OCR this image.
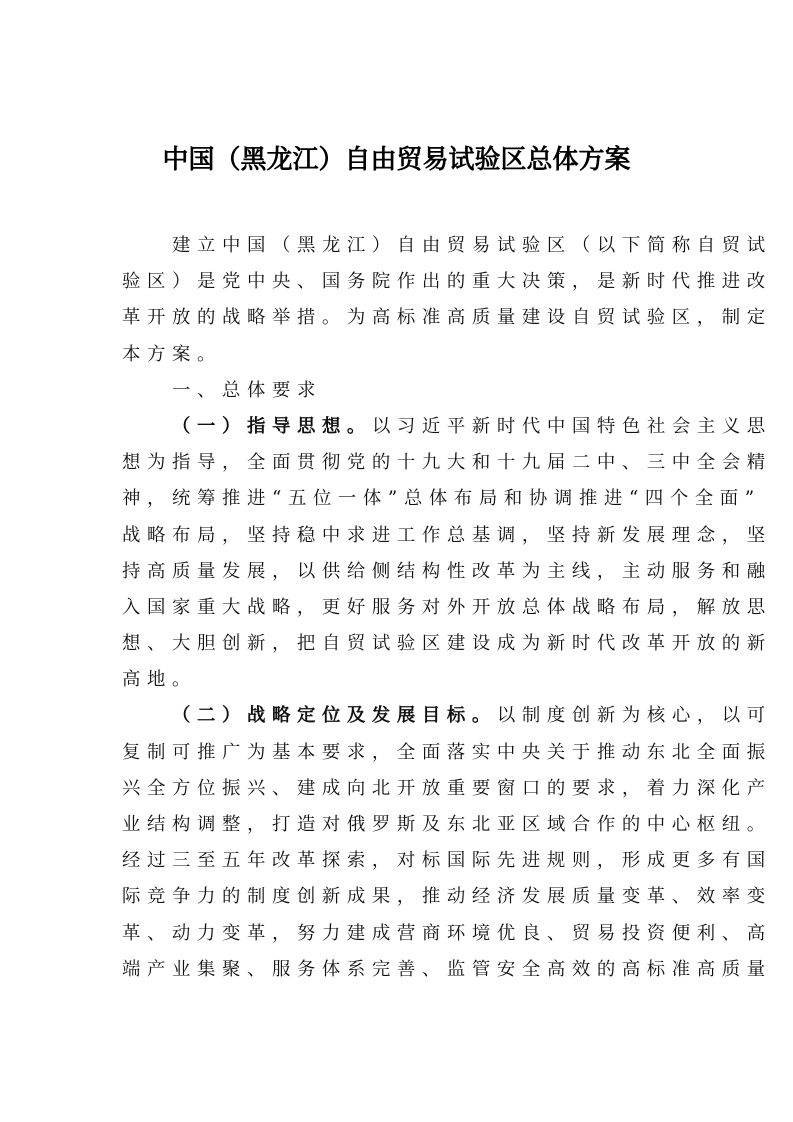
中国（黑龙江）自由贸易试验区总体方案
建立中国（黑龙江）自由贸易试验区（以下简称自贸试
验区）是党中央、国务院作出的重大决策，是新时代推进改
革开放的战略举措。为高标准高质量建设自贸试验区，制定
本方案。
一、总体要求
（一）指导思想。以习近平新时代中国特色社会主义思
想为指导，全面贯彻党的十九大和十九届二中、三中全会精
神，统筹推进“五位一体”总体布局和协调推进“四个全面”
战略布局，坚持稳中求进工作总基调，坚持新发展理念，坚
持高质量发展，以供给侧结构性改革为主线，主动服务和融
入国家重大战略，更好服务对外开放总体战略布局，解放思
想、大胆创新，把自贸试验区建设成为新时代改革开放的新
高地。
（二）战略定位及发展目标。以制度创新为核心，以可
复制可推广为基本要求，全面落实中央关于推动东北全面振
兴全方位振兴、建成向北开放重要窗口的要求，着力深化产
业结构调整，打造对俄罗斯及东北亚区域合作的中心枢纽。
经过三至五年改革探索，对标国际先进规则，形成更多有国
际竞争力的制度创新成果，推动经济发展质量变革、效率变
革、动力变革，努力建成营商环境优良、贸易投资便利、高
端产业集聚、服务体系完善、监管安全高效的高标准高质量
